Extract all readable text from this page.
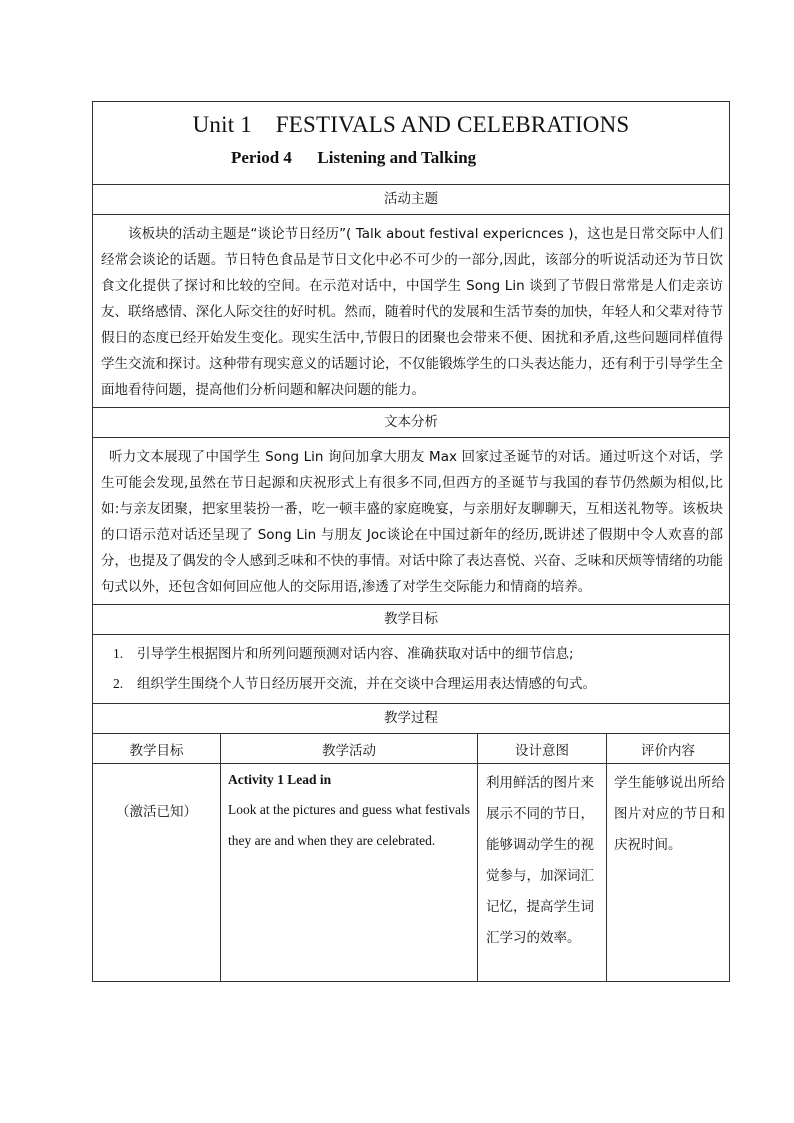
Unit 1    FESTIVALS AND CELEBRATIONS
Period 4      Listening and Talking			

活动主题			

该板块的活动主题是“谈论节日经历”( Talk about festival expericnces )，这也是日常交际中人们经常会谈论的话题。节日特色食品是节日文化中必不可少的一部分,因此，该部分的听说活动还为节日饮食文化提供了探讨和比较的空间。在示范对话中，中国学生 Song Lin 谈到了节假日常常是人们走亲访友、联络感情、深化人际交往的好时机。然而，随着时代的发展和生活节奏的加快，年轻人和父辈对待节假日的态度已经开始发生变化。现实生活中,节假日的团聚也会带来不便、困扰和矛盾,这些问题同样值得学生交流和探讨。这种带有现实意义的话题讨论，不仅能锻炼学生的口头表达能力，还有利于引导学生全面地看待问题，提高他们分析问题和解决问题的能力。			

文本分析			

听力文本展现了中国学生 Song Lin 询问加拿大朋友 Max 回家过圣诞节的对话。通过听这个对话，学生可能会发现,虽然在节日起源和庆祝形式上有很多不同,但西方的圣诞节与我国的春节仍然颇为相似,比如:与亲友团聚，把家里装扮一番，吃一顿丰盛的家庭晚宴，与亲朋好友聊聊天，互相送礼物等。该板块的口语示范对话还呈现了 Song Lin 与朋友 Joc谈论在中国过新年的经历,既讲述了假期中令人欢喜的部分，也提及了偶发的令人感到乏味和不快的事情。对话中除了表达喜悦、兴奋、乏味和厌烦等情绪的功能句式以外，还包含如何回应他人的交际用语,渗透了对学生交际能力和情商的培养。			

教学目标			

1. 引导学生根据图片和所列问题预测对话内容、准确获取对话中的细节信息;
2. 组织学生围绕个人节日经历展开交流，并在交谈中合理运用表达情感的句式。			

教学过程			
教学目标	教学活动	设计意图	评价内容
（激活已知）	Activity 1 Lead in
Look at the pictures and guess what festivals they are and when they are celebrated.	利用鲜活的图片来展示不同的节日，能够调动学生的视觉参与，加深词汇记忆，提高学生词汇学习的效率。	学生能够说出所给图片对应的节日和庆祝时间。
